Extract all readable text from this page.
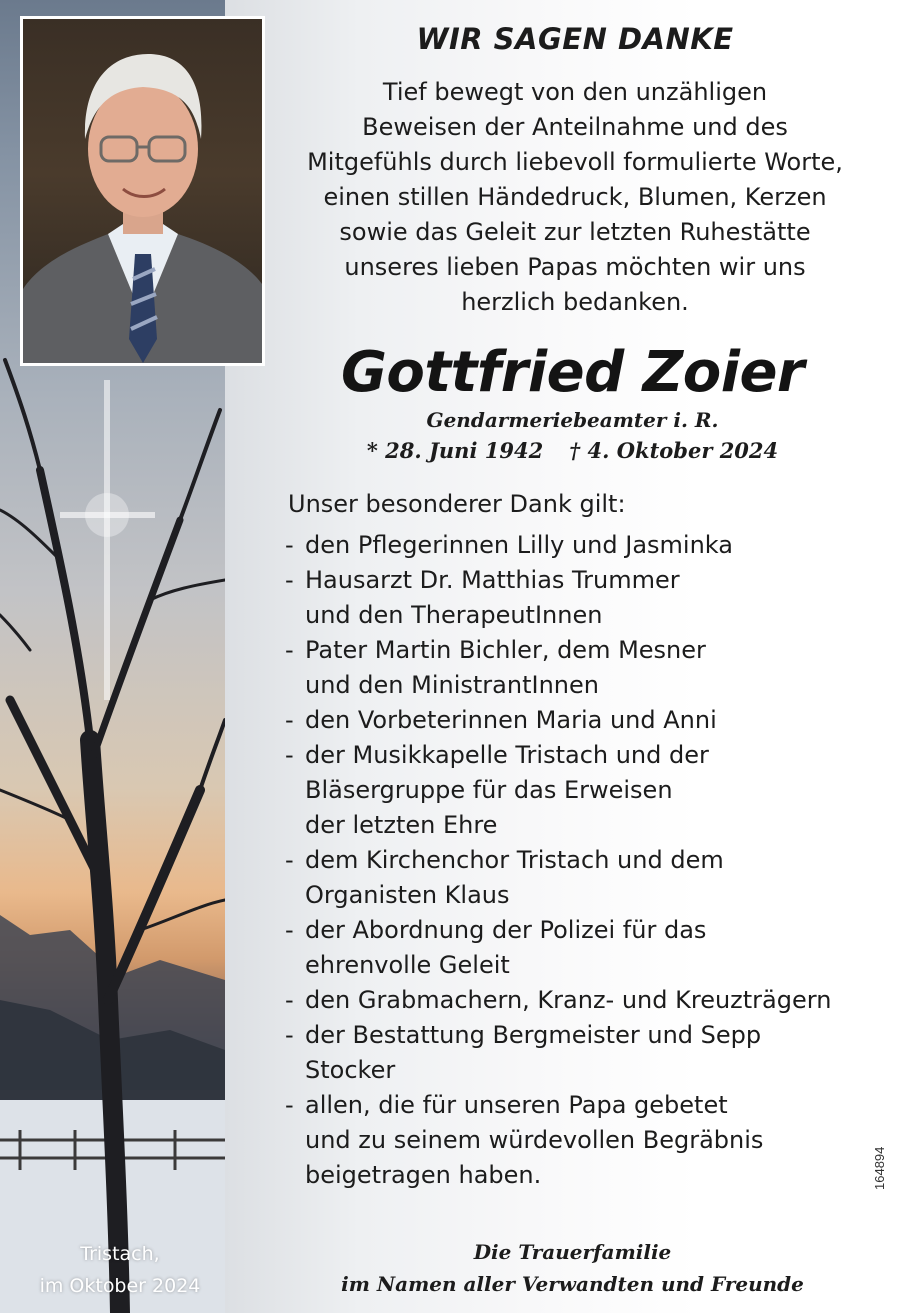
WIR SAGEN DANKE
Tief bewegt von den unzähligen
Beweisen der Anteilnahme und des
Mitgefühls durch liebevoll formulierte Worte,
einen stillen Händedruck, Blumen, Kerzen
sowie das Geleit zur letzten Ruhestätte
unseres lieben Papas möchten wir uns
herzlich bedanken.
Gottfried Zoier
Gendarmeriebeamter i. R.
* 28. Juni 1942 † 4. Oktober 2024
Unser besonderer Dank gilt:
- den Pflegerinnen Lilly und Jasminka
- Hausarzt Dr. Matthias Trummer
und den TherapeutInnen
- Pater Martin Bichler, dem Mesner
und den MinistrantInnen
- den Vorbeterinnen Maria und Anni
- der Musikkapelle Tristach und der
Bläsergruppe für das Erweisen
der letzten Ehre
- dem Kirchenchor Tristach und dem
Organisten Klaus
- der Abordnung der Polizei für das
ehrenvolle Geleit
- den Grabmachern, Kranz- und Kreuzträgern
- der Bestattung Bergmeister und Sepp
Stocker
- allen, die für unseren Papa gebetet
und zu seinem würdevollen Begräbnis
beigetragen haben.
Tristach,
im Oktober 2024
Die Trauerfamilie
im Namen aller Verwandten und Freunde
164894
